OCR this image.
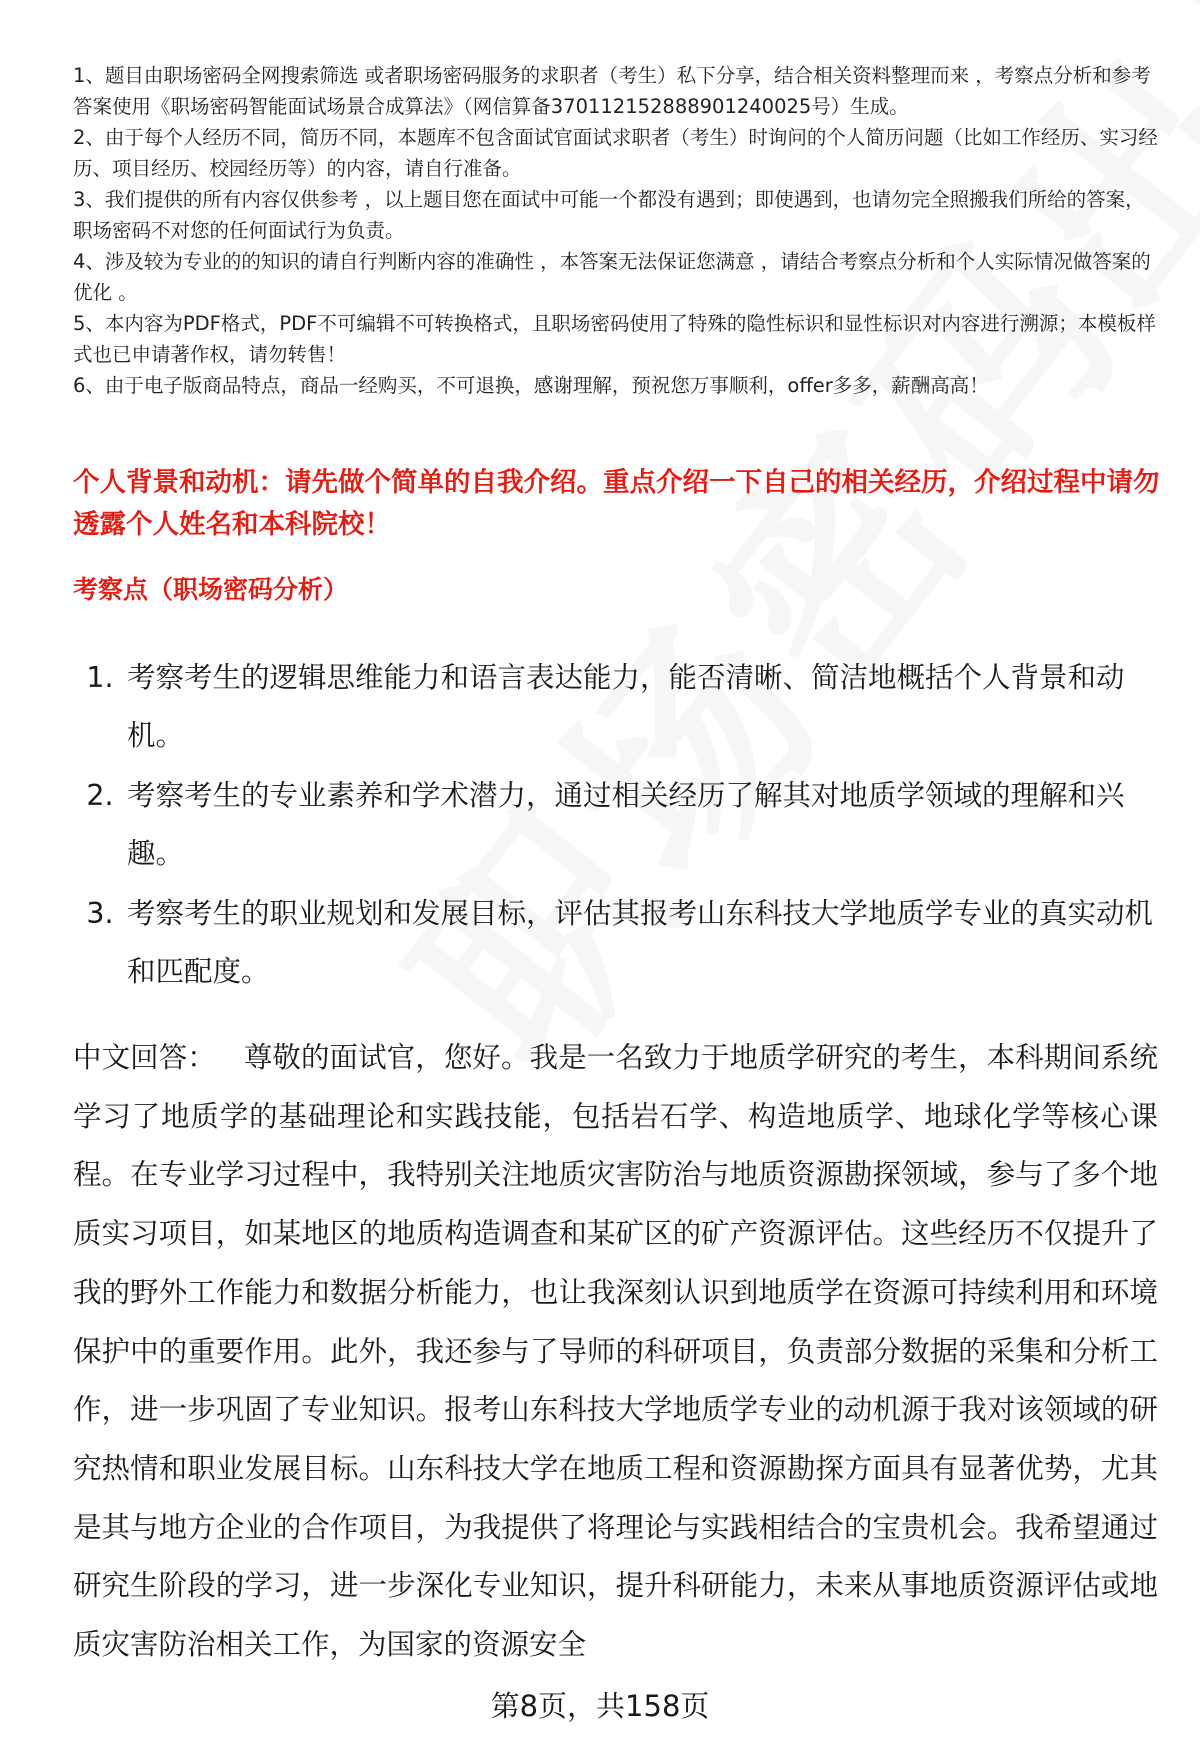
1、题目由职场密码全网搜索筛选 或者职场密码服务的求职者（考生）私下分享，结合相关资料整理而来 ，考察点分析和参考答案使用《职场密码智能面试场景合成算法》（网信算备370112152888901240025号）生成。
2、由于每个人经历不同，简历不同，本题库不包含面试官面试求职者（考生）时询问的个人简历问题（比如工作经历、实习经历、项目经历、校园经历等）的内容，请自行准备。
3、我们提供的所有内容仅供参考 ，以上题目您在面试中可能一个都没有遇到；即使遇到，也请勿完全照搬我们所给的答案，职场密码不对您的任何面试行为负责。
4、涉及较为专业的的知识的请自行判断内容的准确性 ，本答案无法保证您满意 ，请结合考察点分析和个人实际情况做答案的优化 。
5、本内容为PDF格式，PDF不可编辑不可转换格式，且职场密码使用了特殊的隐性标识和显性标识对内容进行溯源；本模板样式也已申请著作权，请勿转售！
6、由于电子版商品特点，商品一经购买，不可退换，感谢理解，预祝您万事顺利，offer多多，薪酬高高！
个人背景和动机：请先做个简单的自我介绍。重点介绍一下自己的相关经历，介绍过程中请勿透露个人姓名和本科院校！
考察点（职场密码分析）
1. 考察考生的逻辑思维能力和语言表达能力，能否清晰、简洁地概括个人背景和动机。
2. 考察考生的专业素养和学术潜力，通过相关经历了解其对地质学领域的理解和兴趣。
3. 考察考生的职业规划和发展目标，评估其报考山东科技大学地质学专业的真实动机和匹配度。

中文回答： 尊敬的面试官，您好。我是一名致力于地质学研究的考生，本科期间系统学习了地质学的基础理论和实践技能，包括岩石学、构造地质学、地球化学等核心课程。在专业学习过程中，我特别关注地质灾害防治与地质资源勘探领域，参与了多个地质实习项目，如某地区的地质构造调查和某矿区的矿产资源评估。这些经历不仅提升了我的野外工作能力和数据分析能力，也让我深刻认识到地质学在资源可持续利用和环境保护中的重要作用。此外，我还参与了导师的科研项目，负责部分数据的采集和分析工作，进一步巩固了专业知识。报考山东科技大学地质学专业的动机源于我对该领域的研究热情和职业发展目标。山东科技大学在地质工程和资源勘探方面具有显著优势，尤其是其与地方企业的合作项目，为我提供了将理论与实践相结合的宝贵机会。我希望通过研究生阶段的学习，进一步深化专业知识，提升科研能力，未来从事地质资源评估或地质灾害防治相关工作，为国家的资源安全

第8页，共158页
